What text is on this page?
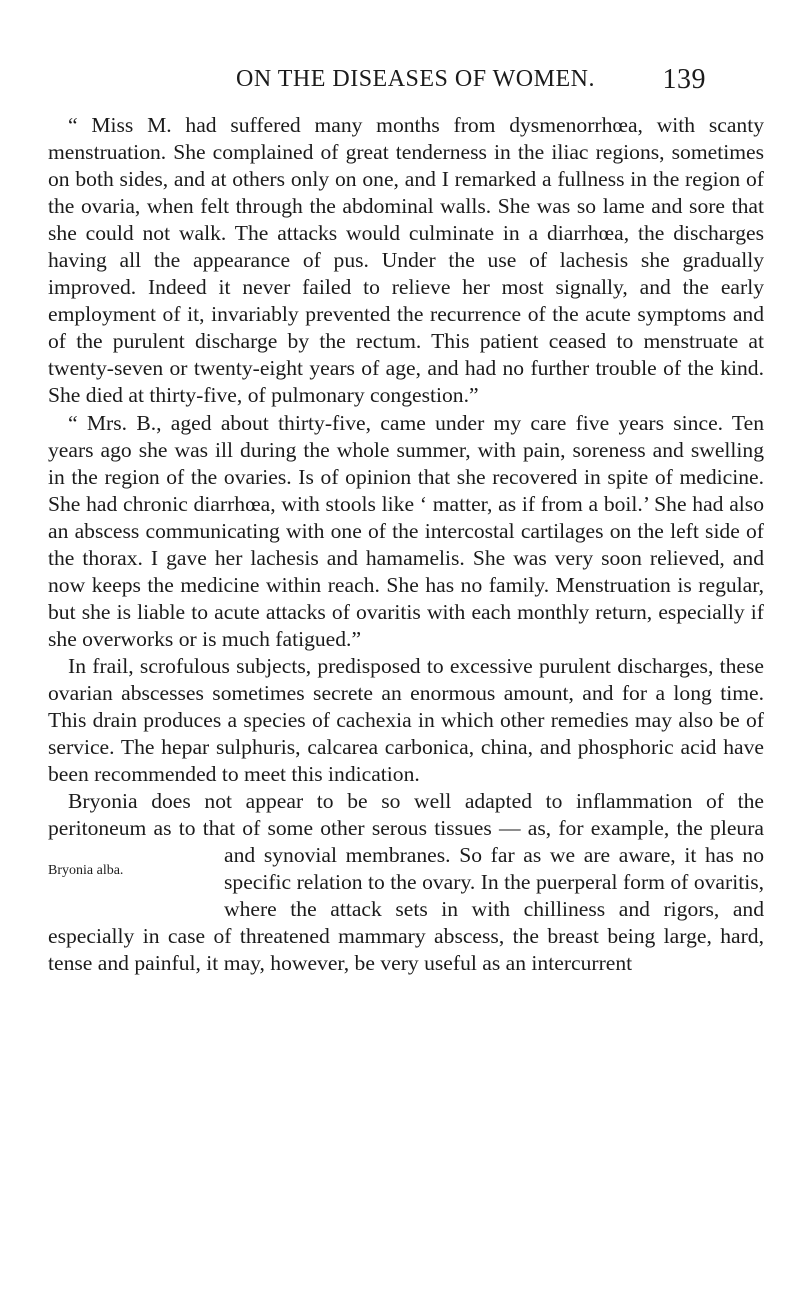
ON THE DISEASES OF WOMEN. 139

“ Miss M. had suffered many months from dysmenorrhœa, with scanty menstruation. She complained of great tenderness in the iliac regions, sometimes on both sides, and at others only on one, and I remarked a fullness in the region of the ovaria, when felt through the abdominal walls. She was so lame and sore that she could not walk. The attacks would culminate in a diarrhœa, the discharges having all the appearance of pus. Under the use of lachesis she gradually improved. Indeed it never failed to relieve her most signally, and the early employment of it, invariably prevented the recurrence of the acute symptoms and of the purulent discharge by the rectum. This patient ceased to menstruate at twenty-seven or twenty-eight years of age, and had no further trouble of the kind. She died at thirty-five, of pulmonary congestion.”

“ Mrs. B., aged about thirty-five, came under my care five years since. Ten years ago she was ill during the whole summer, with pain, soreness and swelling in the region of the ovaries. Is of opinion that she recovered in spite of medicine. She had chronic diarrhœa, with stools like ‘ matter, as if from a boil.’ She had also an abscess communicating with one of the intercostal cartilages on the left side of the thorax. I gave her lachesis and hamamelis. She was very soon relieved, and now keeps the medicine within reach. She has no family. Menstruation is regular, but she is liable to acute attacks of ovaritis with each monthly return, especially if she overworks or is much fatigued.”

In frail, scrofulous subjects, predisposed to excessive purulent discharges, these ovarian abscesses sometimes secrete an enormous amount, and for a long time. This drain produces a species of cachexia in which other remedies may also be of service. The hepar sulphuris, calcarea carbonica, china, and phosphoric acid have been recommended to meet this indication.

Bryonia does not appear to be so well adapted to inflammation of the peritoneum as to that of some other serous tissues — as, for example, the pleura and synovial membranes. So far as we are
Bryonia alba.
aware, it has no specific relation to the ovary. In the puerperal form of ovaritis, where the attack sets in with chilliness and rigors, and especially in case of threatened mammary abscess, the breast being large, hard, tense and painful, it may, however, be very useful as an intercurrent
